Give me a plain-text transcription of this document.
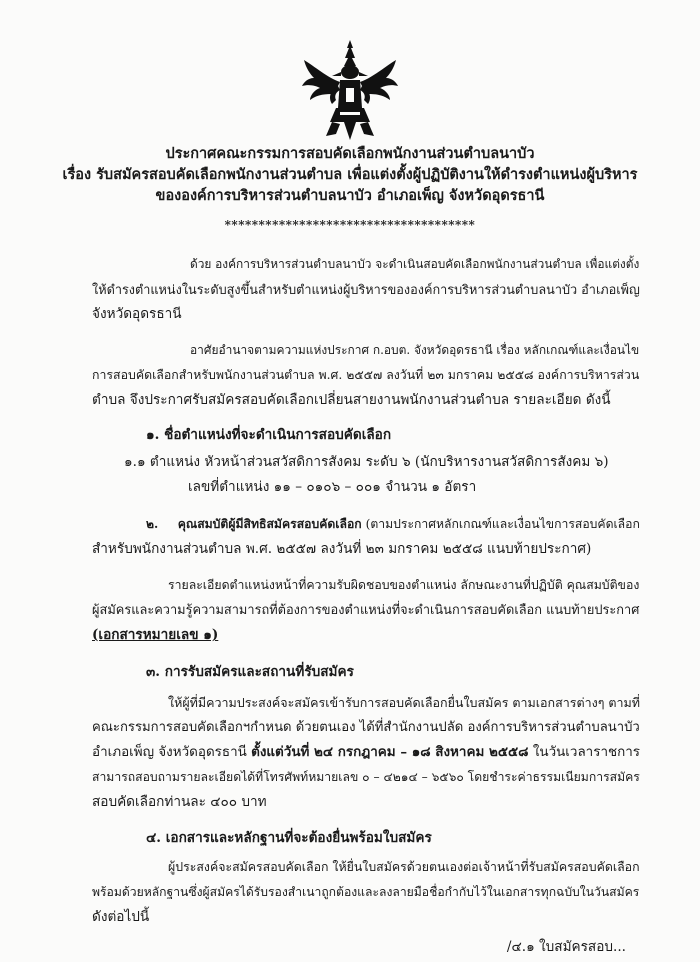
ประกาศคณะกรรมการสอบคัดเลือกพนักงานส่วนตำบลนาบัว
เรื่อง รับสมัครสอบคัดเลือกพนักงานส่วนตำบล เพื่อแต่งตั้งผู้ปฏิบัติงานให้ดำรงตำแหน่งผู้บริหาร
ขององค์การบริหารส่วนตำบลนาบัว อำเภอเพ็ญ จังหวัดอุดรธานี
*************************************
ด้วย องค์การบริหารส่วนตำบลนาบัว จะดำเนินสอบคัดเลือกพนักงานส่วนตำบล เพื่อแต่งตั้ง
ให้ดำรงตำแหน่งในระดับสูงขึ้นสำหรับตำแหน่งผู้บริหารขององค์การบริหารส่วนตำบลนาบัว อำเภอเพ็ญ
จังหวัดอุดรธานี
อาศัยอำนาจตามความแห่งประกาศ ก.อบต. จังหวัดอุดรธานี เรื่อง หลักเกณฑ์และเงื่อนไข
การสอบคัดเลือกสำหรับพนักงานส่วนตำบล พ.ศ. ๒๕๕๗ ลงวันที่ ๒๓ มกราคม ๒๕๕๘ องค์การบริหารส่วน
ตำบล จึงประกาศรับสมัครสอบคัดเลือกเปลี่ยนสายงานพนักงานส่วนตำบล รายละเอียด ดังนี้
๑. ชื่อตำแหน่งที่จะดำเนินการสอบคัดเลือก
๑.๑ ตำแหน่ง หัวหน้าส่วนสวัสดิการสังคม ระดับ ๖ (นักบริหารงานสวัสดิการสังคม ๖)
เลขที่ตำแหน่ง ๑๑ – ๐๑๐๖ – ๐๐๑ จำนวน ๑ อัตรา
๒. คุณสมบัติผู้มีสิทธิสมัครสอบคัดเลือก (ตามประกาศหลักเกณฑ์และเงื่อนไขการสอบคัดเลือก
สำหรับพนักงานส่วนตำบล พ.ศ. ๒๕๕๗ ลงวันที่ ๒๓ มกราคม ๒๕๕๘ แนบท้ายประกาศ)
รายละเอียดตำแหน่งหน้าที่ความรับผิดชอบของตำแหน่ง ลักษณะงานที่ปฏิบัติ คุณสมบัติของ
ผู้สมัครและความรู้ความสามารถที่ต้องการของตำแหน่งที่จะดำเนินการสอบคัดเลือก แนบท้ายประกาศ
(เอกสารหมายเลข ๑)
๓. การรับสมัครและสถานที่รับสมัคร
ให้ผู้ที่มีความประสงค์จะสมัครเข้ารับการสอบคัดเลือกยื่นใบสมัคร ตามเอกสารต่างๆ ตามที่
คณะกรรมการสอบคัดเลือกฯกำหนด ด้วยตนเอง ได้ที่สำนักงานปลัด องค์การบริหารส่วนตำบลนาบัว
อำเภอเพ็ญ จังหวัดอุดรธานี ตั้งแต่วันที่ ๒๔ กรกฎาคม – ๑๘ สิงหาคม ๒๕๕๘ ในวันเวลาราชการ
สามารถสอบถามรายละเอียดได้ที่โทรศัพท์หมายเลข ๐ – ๔๒๑๔ – ๖๕๖๐ โดยชำระค่าธรรมเนียมการสมัคร
สอบคัดเลือกท่านละ ๔๐๐ บาท
๔. เอกสารและหลักฐานที่จะต้องยื่นพร้อมใบสมัคร
ผู้ประสงค์จะสมัครสอบคัดเลือก ให้ยื่นใบสมัครด้วยตนเองต่อเจ้าหน้าที่รับสมัครสอบคัดเลือก
พร้อมด้วยหลักฐานซึ่งผู้สมัครได้รับรองสำเนาถูกต้องและลงลายมือชื่อกำกับไว้ในเอกสารทุกฉบับในวันสมัคร
ดังต่อไปนี้
/๔.๑ ใบสมัครสอบ...
